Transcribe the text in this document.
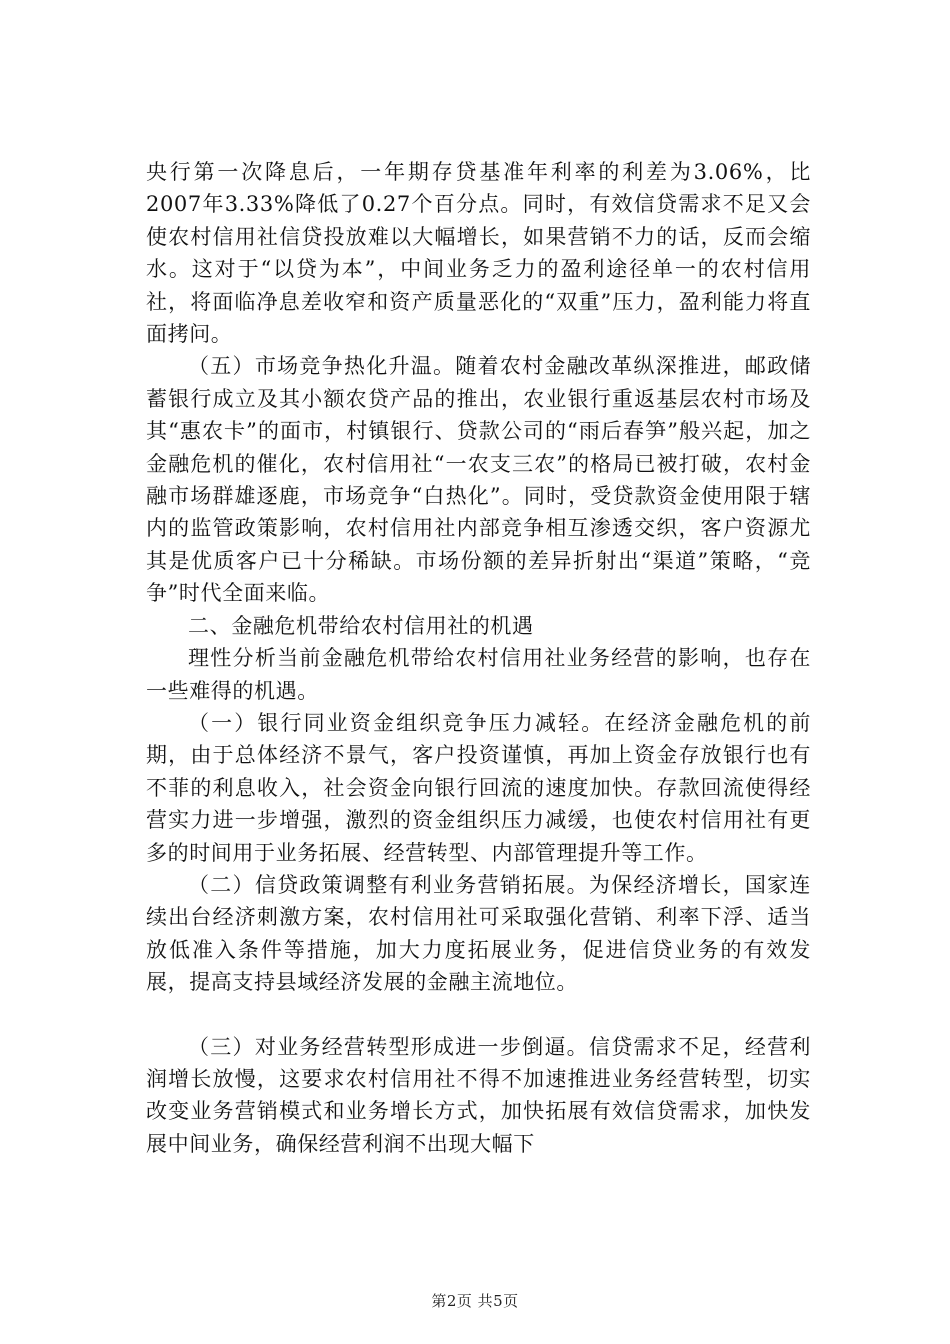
央行第一次降息后，一年期存贷基准年利率的利差为3.06%，比2007年3.33%降低了0.27个百分点。同时，有效信贷需求不足又会使农村信用社信贷投放难以大幅增长，如果营销不力的话，反而会缩水。这对于“以贷为本”，中间业务乏力的盈利途径单一的农村信用社，将面临净息差收窄和资产质量恶化的“双重”压力，盈利能力将直面拷问。

（五）市场竞争热化升温。随着农村金融改革纵深推进，邮政储蓄银行成立及其小额农贷产品的推出，农业银行重返基层农村市场及其“惠农卡”的面市，村镇银行、贷款公司的“雨后春笋”般兴起，加之金融危机的催化，农村信用社“一农支三农”的格局已被打破，农村金融市场群雄逐鹿，市场竞争“白热化”。同时，受贷款资金使用限于辖内的监管政策影响，农村信用社内部竞争相互渗透交织，客户资源尤其是优质客户已十分稀缺。市场份额的差异折射出“渠道”策略，“竞争”时代全面来临。

二、金融危机带给农村信用社的机遇

理性分析当前金融危机带给农村信用社业务经营的影响，也存在一些难得的机遇。

（一）银行同业资金组织竞争压力减轻。在经济金融危机的前期，由于总体经济不景气，客户投资谨慎，再加上资金存放银行也有不菲的利息收入，社会资金向银行回流的速度加快。存款回流使得经营实力进一步增强，激烈的资金组织压力减缓，也使农村信用社有更多的时间用于业务拓展、经营转型、内部管理提升等工作。

（二）信贷政策调整有利业务营销拓展。为保经济增长，国家连续出台经济刺激方案，农村信用社可采取强化营销、利率下浮、适当放低准入条件等措施，加大力度拓展业务，促进信贷业务的有效发展，提高支持县域经济发展的金融主流地位。

（三）对业务经营转型形成进一步倒逼。信贷需求不足，经营利润增长放慢，这要求农村信用社不得不加速推进业务经营转型，切实改变业务营销模式和业务增长方式，加快拓展有效信贷需求，加快发展中间业务，确保经营利润不出现大幅下

第2页 共5页
